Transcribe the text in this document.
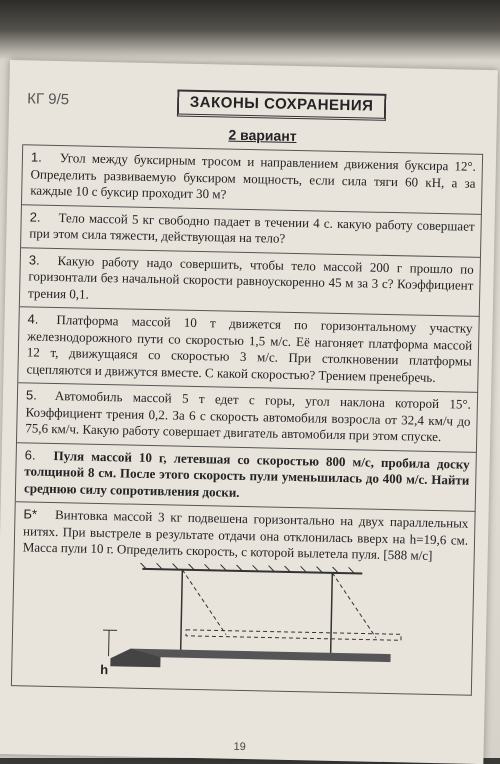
КГ 9/5	ЗАКОНЫ СОХРАНЕНИЯ
2 вариант
1. Угол между буксирным тросом и направлением движения буксира 12°. Определить развиваемую буксиром мощность, если сила тяги 60 кН, а за каждые 10 с буксир проходит 30 м?
2. Тело массой 5 кг свободно падает в течении 4 с. какую работу совершает при этом сила тяжести, действующая на тело?
3. Какую работу надо совершить, чтобы тело массой 200 г прошло по горизонтали без начальной скорости равноускоренно 45 м за 3 с? Коэффициент трения 0,1.
4. Платформа массой 10 т движется по горизонтальному участку железнодорожного пути со скоростью 1,5 м/с. Её нагоняет платформа массой 12 т, движущаяся со скоростью 3 м/с. При столкновении платформы сцепляются и движутся вместе. С какой скоростью? Трением пренебречь.
5. Автомобиль массой 5 т едет с горы, угол наклона которой 15°. Коэффициент трения 0,2. За 6 с скорость автомобиля возросла от 32,4 км/ч до 75,6 км/ч. Какую работу совершает двигатель автомобиля при этом спуске.
6. Пуля массой 10 г, летевшая со скоростью 800 м/с, пробила доску толщиной 8 см. После этого скорость пули уменьшилась до 400 м/с. Найти среднюю силу сопротивления доски.
Б* Винтовка массой 3 кг подвешена горизонтально на двух параллельных нитях. При выстреле в результате отдачи она отклонилась вверх на h=19,6 см. Масса пули 10 г. Определить скорость, с которой вылетела пуля. [588 м/с]
h
19
